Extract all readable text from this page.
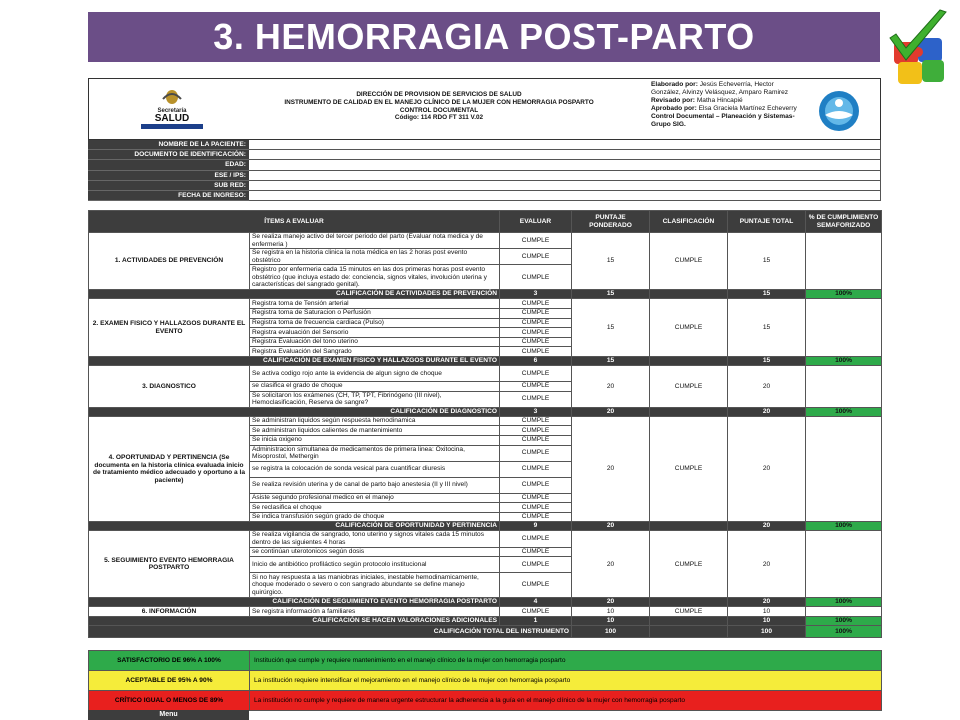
3. HEMORRAGIA POST-PARTO
Secretaría
SALUD
DIRECCIÓN DE PROVISION DE SERVICIOS DE SALUD
INSTRUMENTO DE CALIDAD EN EL MANEJO CLÍNICO DE LA MUJER CON HEMORRAGIA POSPARTO
CONTROL DOCUMENTAL
Código: 114 RDO FT 311 V.02
Elaborado por: Jesús Echeverría, Hector González, Alvinzy Velásquez, Amparo Ramirez
Revisado por: Matha Hincapié
Aprobado por: Elsa Graciela Martínez Echeverry
Control Documental – Planeación y Sistemas-Grupo SIG.
NOMBRE DE LA PACIENTE:
DOCUMENTO DE IDENTIFICACIÓN:
EDAD:
ESE / IPS:
SUB RED:
FECHA DE INGRESO:
ÍTEMS A EVALUAR		EVALUAR	PUNTAJE PONDERADO	CLASIFICACIÓN	PUNTAJE TOTAL	% DE CUMPLIMIENTO SEMAFORIZADO
1. ACTIVIDADES DE PREVENCIÓN	Se realiza manejo activo del tercer periodo del parto (Evaluar nota medica y de enfermeria )	CUMPLE	15	CUMPLE	15	
	Se registra en la historia clinica la nota médica en las 2 horas post evento obstétrico	CUMPLE				
	Registro por enfermeria cada 15 minutos en las dos primeras horas post evento obstétrico (que incluya estado de: conciencia, signos vitales, involución uterina y características del sangrado genital).	CUMPLE				
CALIFICACIÓN DE ACTIVIDADES DE PREVENCIÓN		3	15		15	100%
2. EXAMEN FISICO Y HALLAZGOS DURANTE EL EVENTO	Registra toma de Tensión arterial	CUMPLE	15	CUMPLE	15	
	Registra toma de Saturacion o Perfusión	CUMPLE				
	Registra toma de frecuencia cardiaca (Pulso)	CUMPLE				
	Registra evaluación del Sensorio	CUMPLE				
	Registra Evaluación del tono uterino	CUMPLE				
	Registra Evaluación del Sangrado	CUMPLE				
CALIFICACIÓN DE EXAMEN FISICO Y HALLAZGOS DURANTE EL EVENTO		6	15		15	100%
3. DIAGNOSTICO	Se activa codigo rojo ante la evidencia de algun signo de choque	CUMPLE	20	CUMPLE	20	
	se clasifica el grado de choque	CUMPLE				
	Se solicitaron los exámenes (CH, TP, TPT, Fibrinógeno (III nivel), Hemoclasificación, Reserva de sangre?	CUMPLE				
CALIFICACIÓN DE DIAGNOSTICO		3	20		20	100%
4. OPORTUNIDAD Y PERTINENCIA (Se documenta en la historia clínica evaluada inicio de tratamiento médico adecuado y oportuno a la paciente)	Se administran liquidos según respuesta hemodinamica	CUMPLE	20	CUMPLE	20	
	Se administran liquidos calientes de mantenimiento	CUMPLE				
	Se inicia oxigeno	CUMPLE				
	Administracion simultanea de medicamentos de primera linea: Oxitocina, Misoprostol, Methergin	CUMPLE				
	se registra la colocación de sonda vesical para cuantificar diuresis	CUMPLE				
	Se realiza revisión uterina y de canal de parto bajo anestesia (II y III nivel)	CUMPLE				
	Asiste segundo profesional medico en el manejo	CUMPLE				
	Se reclasifica el choque	CUMPLE				
	Se indica transfusión según grado de choque	CUMPLE				
CALIFICACIÓN DE OPORTUNIDAD Y PERTINENCIA		9	20		20	100%
5. SEGUIMIENTO EVENTO HEMORRAGIA POSTPARTO	Se realiza vigilancia de sangrado, tono uterino y signos vitales cada 15 minutos dentro de las siguientes 4 horas	CUMPLE	20	CUMPLE	20	
	se continúan uterotonicos según dosis	CUMPLE				
	Inicio de antibiótico profiláctico según protocolo institucional	CUMPLE				
	Si no hay respuesta a las maniobras iniciales, inestable hemodinamicamente, choque moderado o severo o con sangrado abundante se define manejo quirúrgico.	CUMPLE				
CALIFICACIÓN DE SEGUIMIENTO EVENTO HEMORRAGIA POSTPARTO		4	20		20	100%
6. INFORMACIÓN	Se registra información a familiares	CUMPLE	10	CUMPLE	10	
CALIFICACIÓN SE HACEN VALORACIONES ADICIONALES		1	10		10	100%
CALIFICACIÓN TOTAL DEL INSTRUMENTO			100		100	100%
SATISFACTORIO DE 96% A 100%	Institución que cumple y requiere mantenimiento en el manejo clínico de la mujer con hemorragia posparto
ACEPTABLE DE 95% A 90%	La institución requiere intensificar el mejoramiento en el manejo clínico de la mujer con hemorragia posparto
CRÍTICO IGUAL O MENOS DE 89%	La institución no cumple y requiere de manera urgente estructurar la adherencia a la guía en el manejo clínico de la mujer con hemorragia posparto
Menu
